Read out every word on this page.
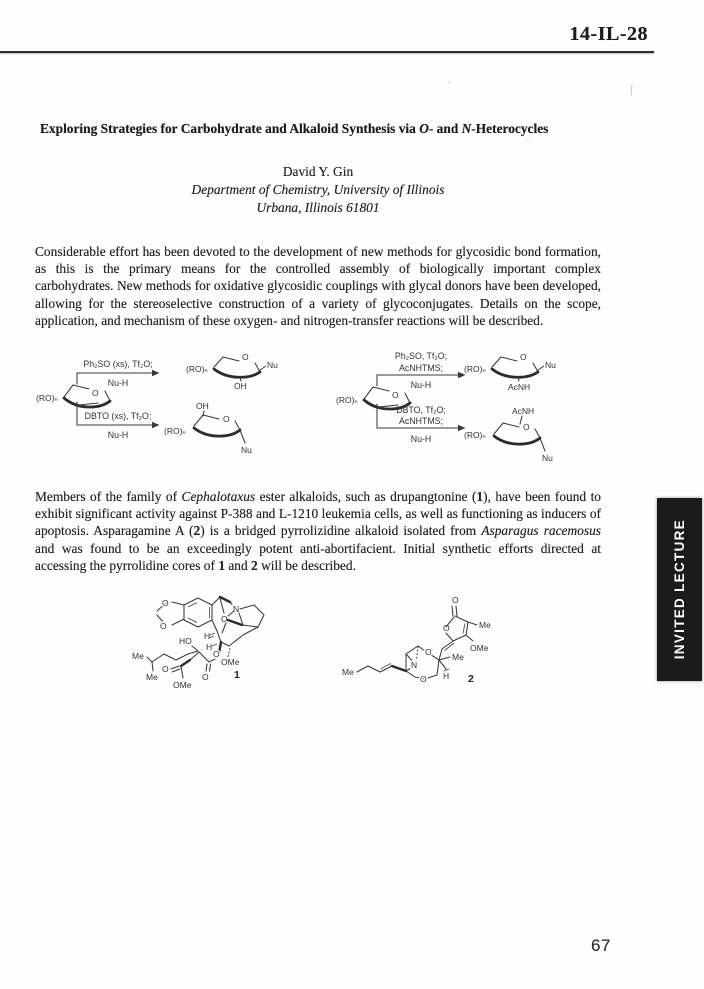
14-IL-28
Exploring Strategies for Carbohydrate and Alkaloid Synthesis via O- and N-Heterocycles
David Y. Gin
Department of Chemistry, University of Illinois
Urbana, Illinois 61801
Considerable effort has been devoted to the development of new methods for glycosidic bond formation, as this is the primary means for the controlled assembly of biologically important complex carbohydrates. New methods for oxidative glycosidic couplings with glycal donors have been developed, allowing for the stereoselective construction of a variety of glycoconjugates. Details on the scope, application, and mechanism of these oxygen- and nitrogen-transfer reactions will be described.
(RO)ₙ	O
Ph₂SO (xs), Tf₂O;
Nu-H
DBTO (xs), Tf₂O;
Nu-H
(RO)ₙ
O
Nu
OH
OH
(RO)ₙ
O
Nu
(RO)ₙ	O
Ph₂SO, Tf₂O;
AcNHTMS;
Nu-H
DBTO, Tf₂O;
AcNHTMS;
Nu-H
(RO)ₙ
O
Nu
AcNH
AcNH
(RO)ₙ
O
Nu
Members of the family of Cephalotaxus ester alkaloids, such as drupangtonine (1), have been found to exhibit significant activity against P-388 and L-1210 leukemia cells, as well as functioning as inducers of apoptosis. Asparagamine A (2) is a bridged pyrrolizidine alkaloid isolated from Asparagus racemosus and was found to be an exceedingly potent anti-abortifacient. Initial synthetic efforts directed at accessing the pyrrolidine cores of 1 and 2 will be described.
O
O
N
O
H
H
O
OMe
O
HO
Me
Me
O
OMe
1	Me
N
O
O
Me
H
O
O
Me
OMe
2
INVITED LECTURE
67
